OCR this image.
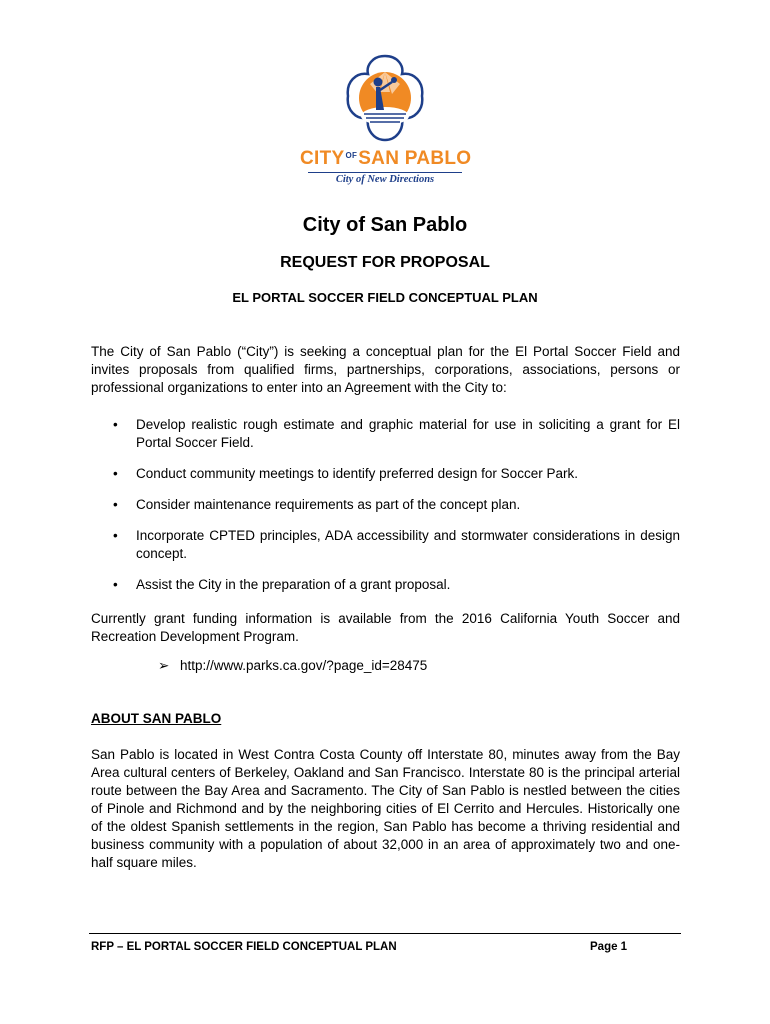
$CITY^{OF}SAN$ PABLO
City of New Directions
City of San Pablo
REQUEST FOR PROPOSAL
EL PORTAL SOCCER FIELD CONCEPTUAL PLAN

The City of San Pablo (“City”) is seeking a conceptual plan for the El Portal Soccer Field and invites proposals from qualified firms, partnerships, corporations, associations, persons or professional organizations to enter into an Agreement with the City to:

• Develop realistic rough estimate and graphic material for use in soliciting a grant for El Portal Soccer Field.
• Conduct community meetings to identify preferred design for Soccer Park.
• Consider maintenance requirements as part of the concept plan.
• Incorporate CPTED principles, ADA accessibility and stormwater considerations in design concept.
• Assist the City in the preparation of a grant proposal.

Currently grant funding information is available from the 2016 California Youth Soccer and Recreation Development Program.

➢ http://www.parks.ca.gov/?page_id=28475
ABOUT SAN PABLO

San Pablo is located in West Contra Costa County off Interstate 80, minutes away from the Bay Area cultural centers of Berkeley, Oakland and San Francisco. Interstate 80 is the principal arterial route between the Bay Area and Sacramento. The City of San Pablo is nestled between the cities of Pinole and Richmond and by the neighboring cities of El Cerrito and Hercules. Historically one of the oldest Spanish settlements in the region, San Pablo has become a thriving residential and business community with a population of about 32,000 in an area of approximately two and one-half square miles.

RFP – EL PORTAL SOCCER FIELD CONCEPTUAL PLAN	Page 1
